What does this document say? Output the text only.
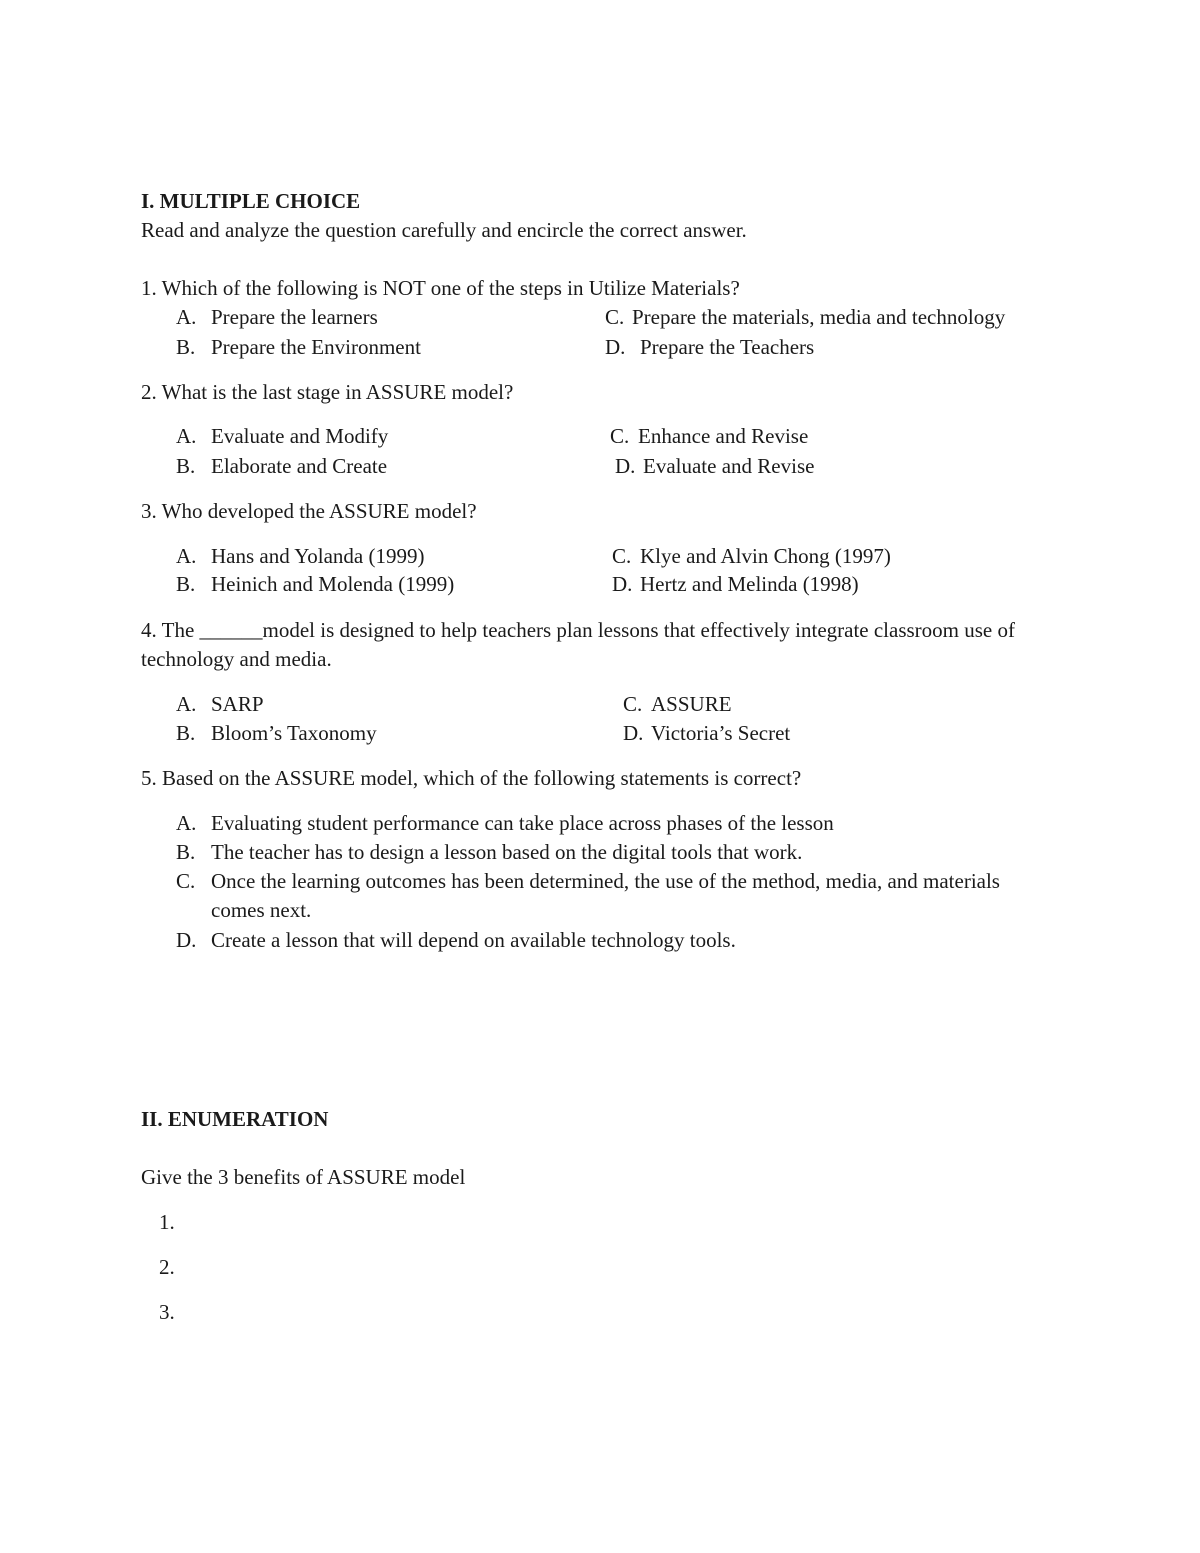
I. MULTIPLE CHOICE
Read and analyze the question carefully and encircle the correct answer.
1. Which of the following is NOT one of the steps in Utilize Materials?
A. Prepare the learners
B. Prepare the Environment
C. Prepare the materials, media and technology
D. Prepare the Teachers
2. What is the last stage in ASSURE model?
A. Evaluate and Modify
B. Elaborate and Create
C. Enhance and Revise
D. Evaluate and Revise
3. Who developed the ASSURE model?
A. Hans and Yolanda (1999)
B. Heinich and Molenda (1999)
C. Klye and Alvin Chong (1997)
D. Hertz and Melinda (1998)
4. The ______model is designed to help teachers plan lessons that effectively integrate classroom use of technology and media.
A. SARP
B. Bloom’s Taxonomy
C. ASSURE
D. Victoria’s Secret
5. Based on the ASSURE model, which of the following statements is correct?
A. Evaluating student performance can take place across phases of the lesson
B. The teacher has to design a lesson based on the digital tools that work.
C. Once the learning outcomes has been determined, the use of the method, media, and materials comes next.
D. Create a lesson that will depend on available technology tools.
II. ENUMERATION
Give the 3 benefits of ASSURE model
1.
2.
3.
